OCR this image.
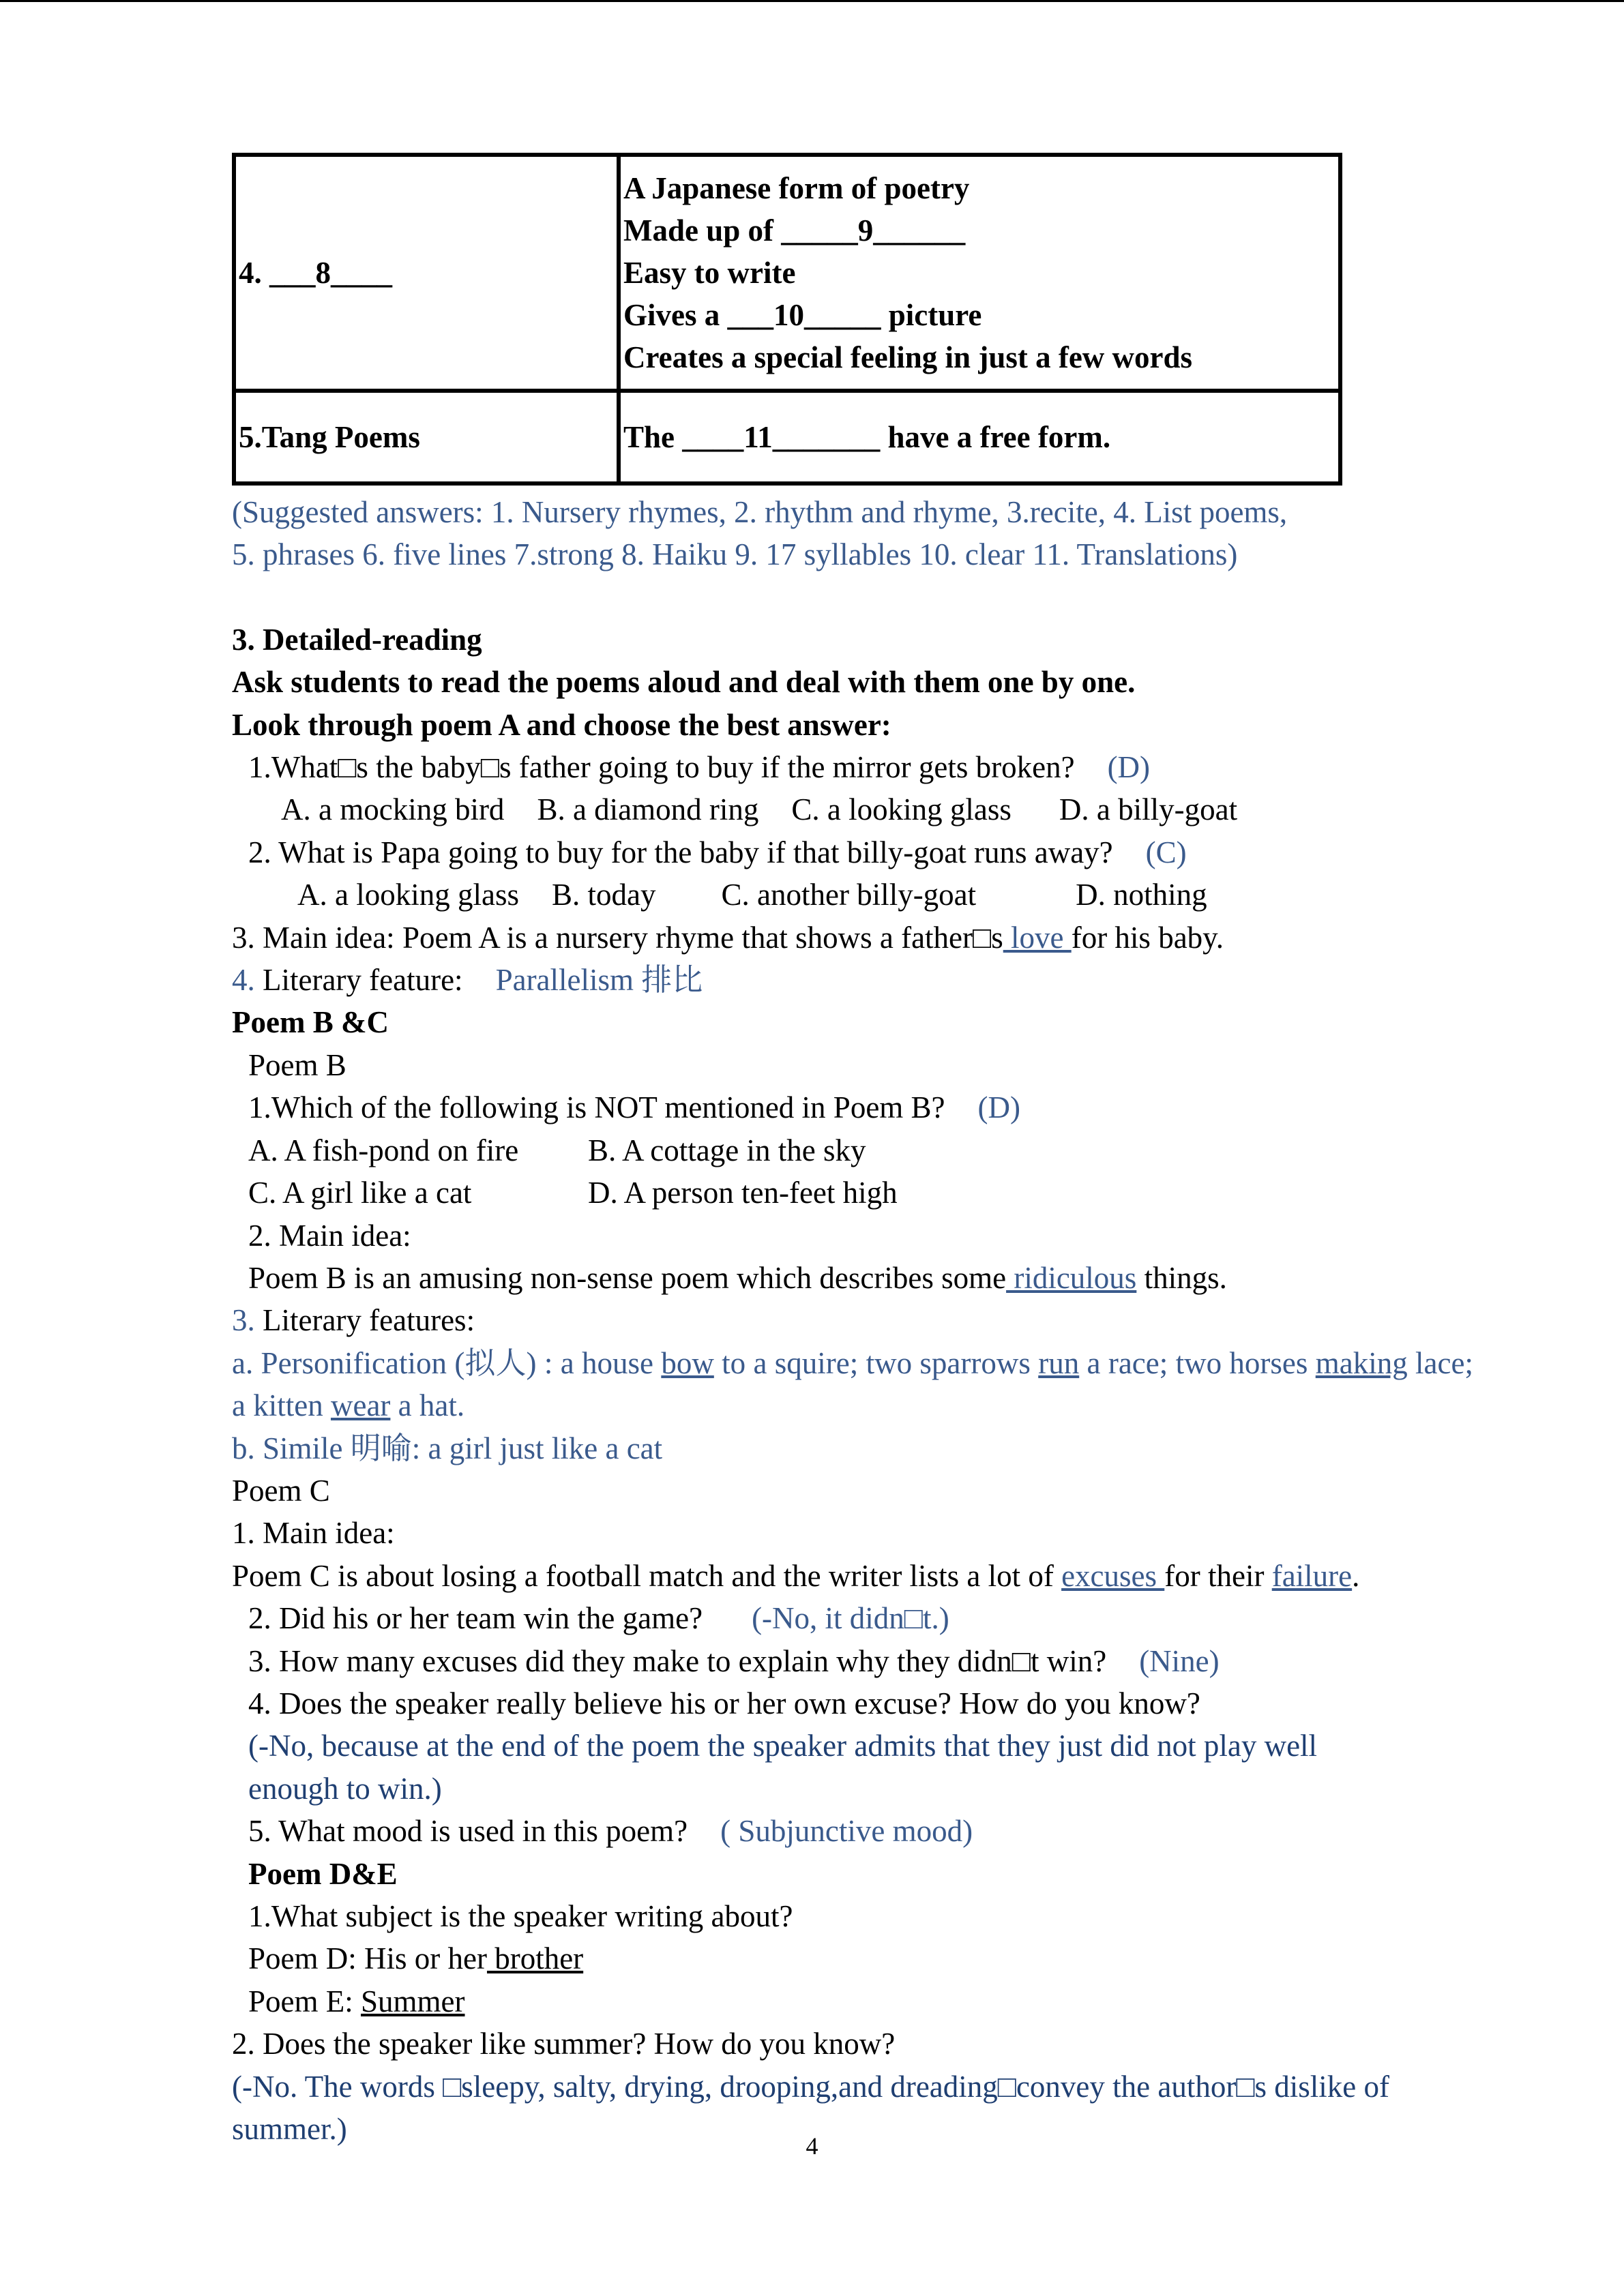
4. ___8____	A Japanese form of poetry
Made up of _____9______
Easy to write
Gives a ___10_____ picture
Creates a special feeling in just a few words

5.Tang Poems	The ____11_______ have a free form.
(Suggested answers: 1. Nursery rhymes, 2. rhythm and rhyme, 3.recite, 4. List poems,
5. phrases 6. five lines 7.strong 8. Haiku 9. 17 syllables 10. clear 11. Translations)
3. Detailed-reading
Ask students to read the poems aloud and deal with them one by one.
Look through poem A and choose the best answer:
1.What□s the baby□s father going to buy if the mirror gets broken? (D)
A. a mocking bird B. a diamond ring C. a looking glass D. a billy-goat
2. What is Papa going to buy for the baby if that billy-goat runs away? (C)
A. a looking glass B. today C. another billy-goat	D. nothing
3. Main idea: Poem A is a nursery rhyme that shows a father□s love for his baby.
4. Literary feature: Parallelism 排比
Poem B &C
Poem B
1.Which of the following is NOT mentioned in Poem B? (D)
A. A fish-pond on fire B. A cottage in the sky
C. A girl like a cat	D. A person ten-feet high
2. Main idea:
Poem B is an amusing non-sense poem which describes some ridiculous things.
3. Literary features:
a. Personification (拟人) : a house bow to a squire; two sparrows run a race; two horses making lace; a kitten wear a hat.
b. Simile 明喻: a girl just like a cat
Poem C
1. Main idea:
Poem C is about losing a football match and the writer lists a lot of excuses for their failure.
2. Did his or her team win the game? (-No, it didn□t.)
3. How many excuses did they make to explain why they didn□t win? (Nine)
4. Does the speaker really believe his or her own excuse? How do you know?
(-No, because at the end of the poem the speaker admits that they just did not play well
enough to win.)
5. What mood is used in this poem? ( Subjunctive mood)
Poem D&E
1.What subject is the speaker writing about?
Poem D: His or her brother
Poem E: Summer
2. Does the speaker like summer? How do you know?
(-No. The words □sleepy, salty, drying, drooping,and dreading□convey the author□s dislike of
summer.)	4
